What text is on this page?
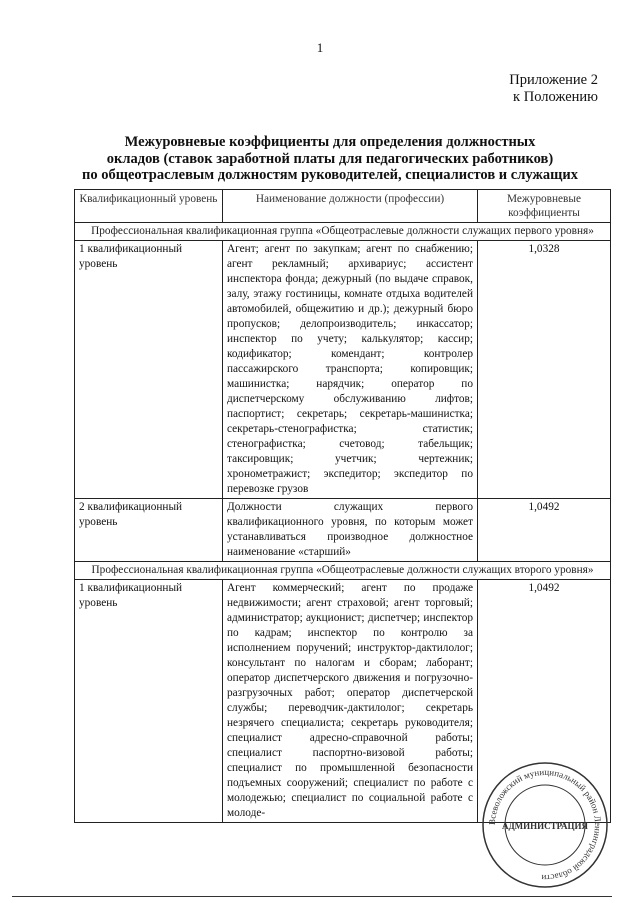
1
Приложение 2
к Положению
Межуровневые коэффициенты для определения должностных
окладов (ставок заработной платы для педагогических работников)
по общеотраслевым должностям руководителей, специалистов и служащих
Квалификационный уровень	Наименование должности (профессии)	Межуровневые коэффициенты
Профессиональная квалификационная группа «Общеотраслевые должности служащих первого уровня»		
1 квалификационный уровень	Агент; агент по закупкам; агент по снабжению; агент рекламный; архивариус; ассистент инспектора фонда; дежурный (по выдаче справок, залу, этажу гостиницы, комнате отдыха водителей автомобилей, общежитию и др.); дежурный бюро пропусков; делопроизводитель; инкассатор; инспектор по учету; калькулятор; кассир; кодификатор; комендант; контролер пассажирского транспорта; копировщик; машинистка; нарядчик; оператор по диспетчерскому обслуживанию лифтов; паспортист; секретарь; секретарь-машинистка; секретарь-стенографистка; статистик; стенографистка; счетовод; табельщик; таксировщик; учетчик; чертежник; хронометражист; экспедитор; экспедитор по перевозке грузов	1,0328
2 квалификационный уровень	Должности служащих первого квалификационного уровня, по которым может устанавливаться производное должностное наименование «старший»	1,0492
Профессиональная квалификационная группа «Общеотраслевые должности служащих второго уровня»		
1 квалификационный уровень	Агент коммерческий; агент по продаже недвижимости; агент страховой; агент торговый; администратор; аукционист; диспетчер; инспектор по кадрам; инспектор по контролю за исполнением поручений; инструктор-дактилолог; консультант по налогам и сборам; лаборант; оператор диспетчерского движения и погрузочно-разгрузочных работ; оператор диспетчерской службы; переводчик-дактилолог; секретарь незрячего специалиста; секретарь руководителя; специалист адресно-справочной работы; специалист паспортно-визовой работы; специалист по промышленной безопасности подъемных сооружений; специалист по работе с молодежью; специалист по социальной работе с молоде-	1,0492
Всеволожский муниципальный район Ленинградской области
АДМИНИСТРАЦИЯ
